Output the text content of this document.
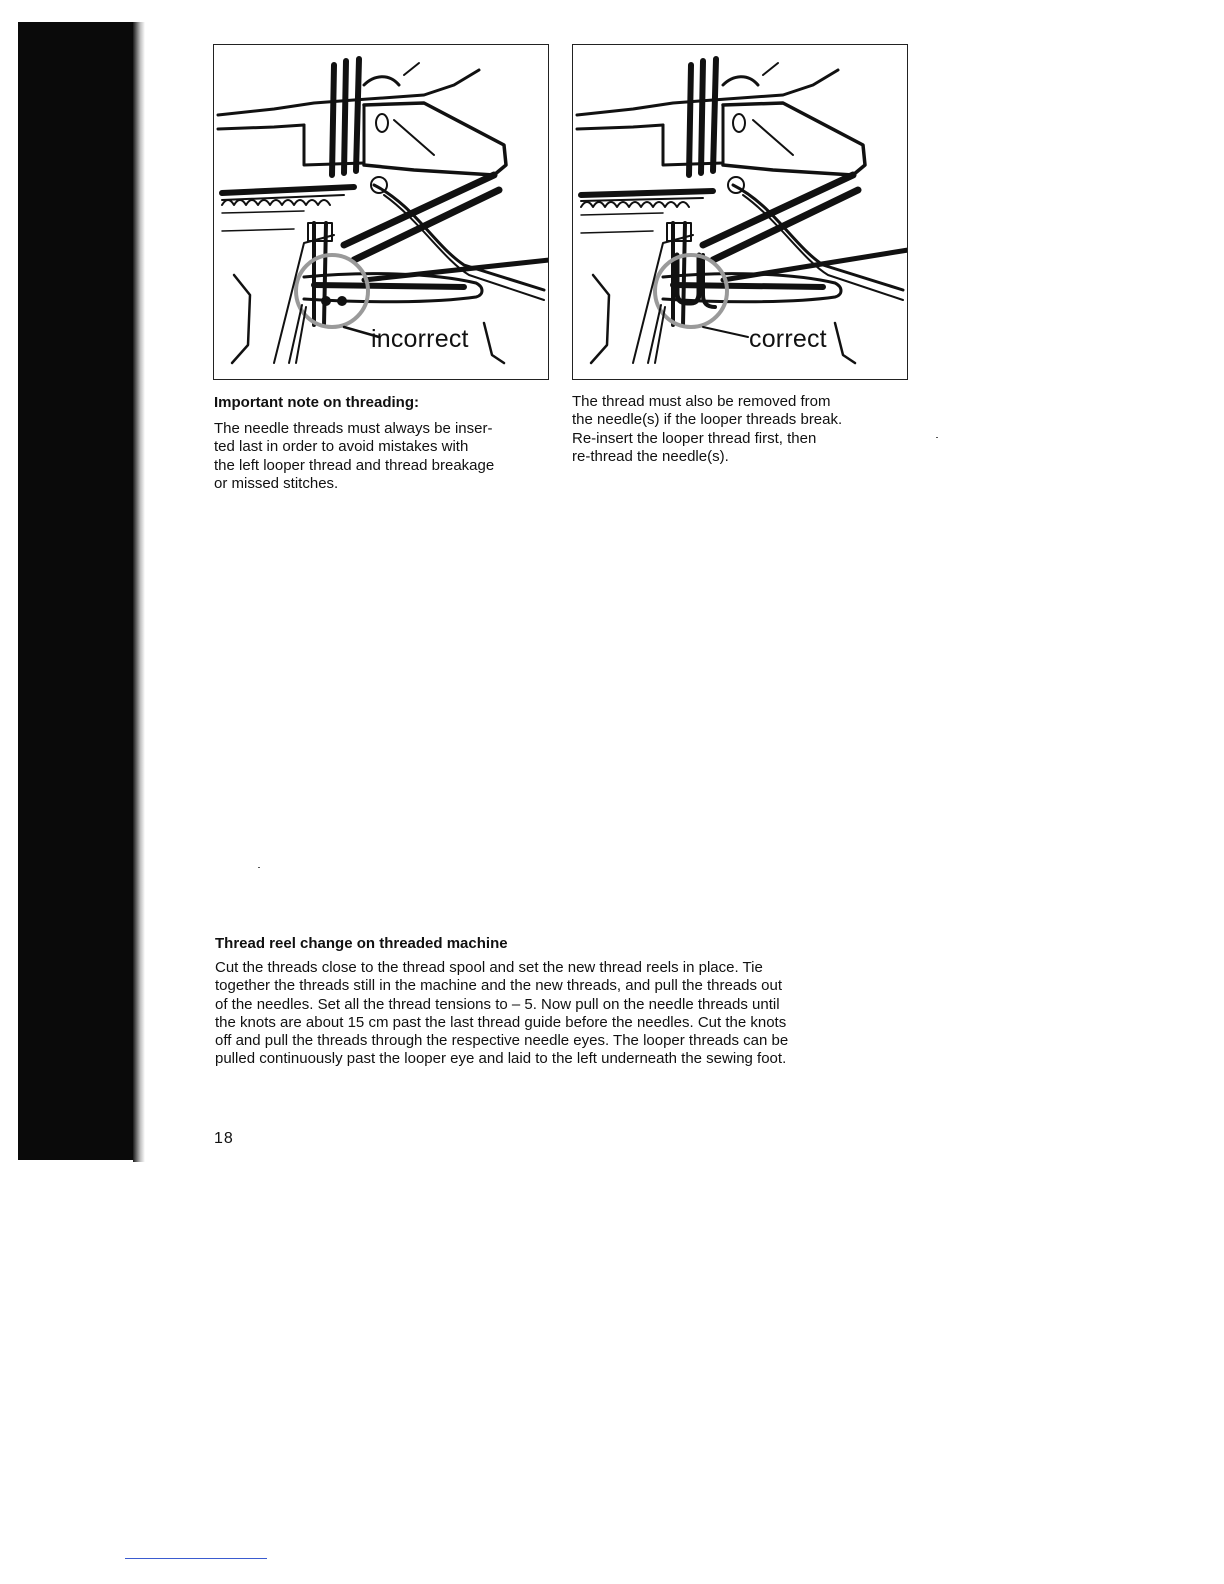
incorrect	correct

Important note on threading:

The needle threads must always be inser-
ted last in order to avoid mistakes with
the left looper thread and thread breakage
or missed stitches.

The thread must also be removed from
the needle(s) if the looper threads break.
Re-insert the looper thread first, then
re-thread the needle(s).

Thread reel change on threaded machine

Cut the threads close to the thread spool and set the new thread reels in place. Tie
together the threads still in the machine and the new threads, and pull the threads out
of the needles. Set all the thread tensions to – 5. Now pull on the needle threads until
the knots are about 15 cm past the last thread guide before the needles. Cut the knots
off and pull the threads through the respective needle eyes. The looper threads can be
pulled continuously past the looper eye and laid to the left underneath the sewing foot.

18
